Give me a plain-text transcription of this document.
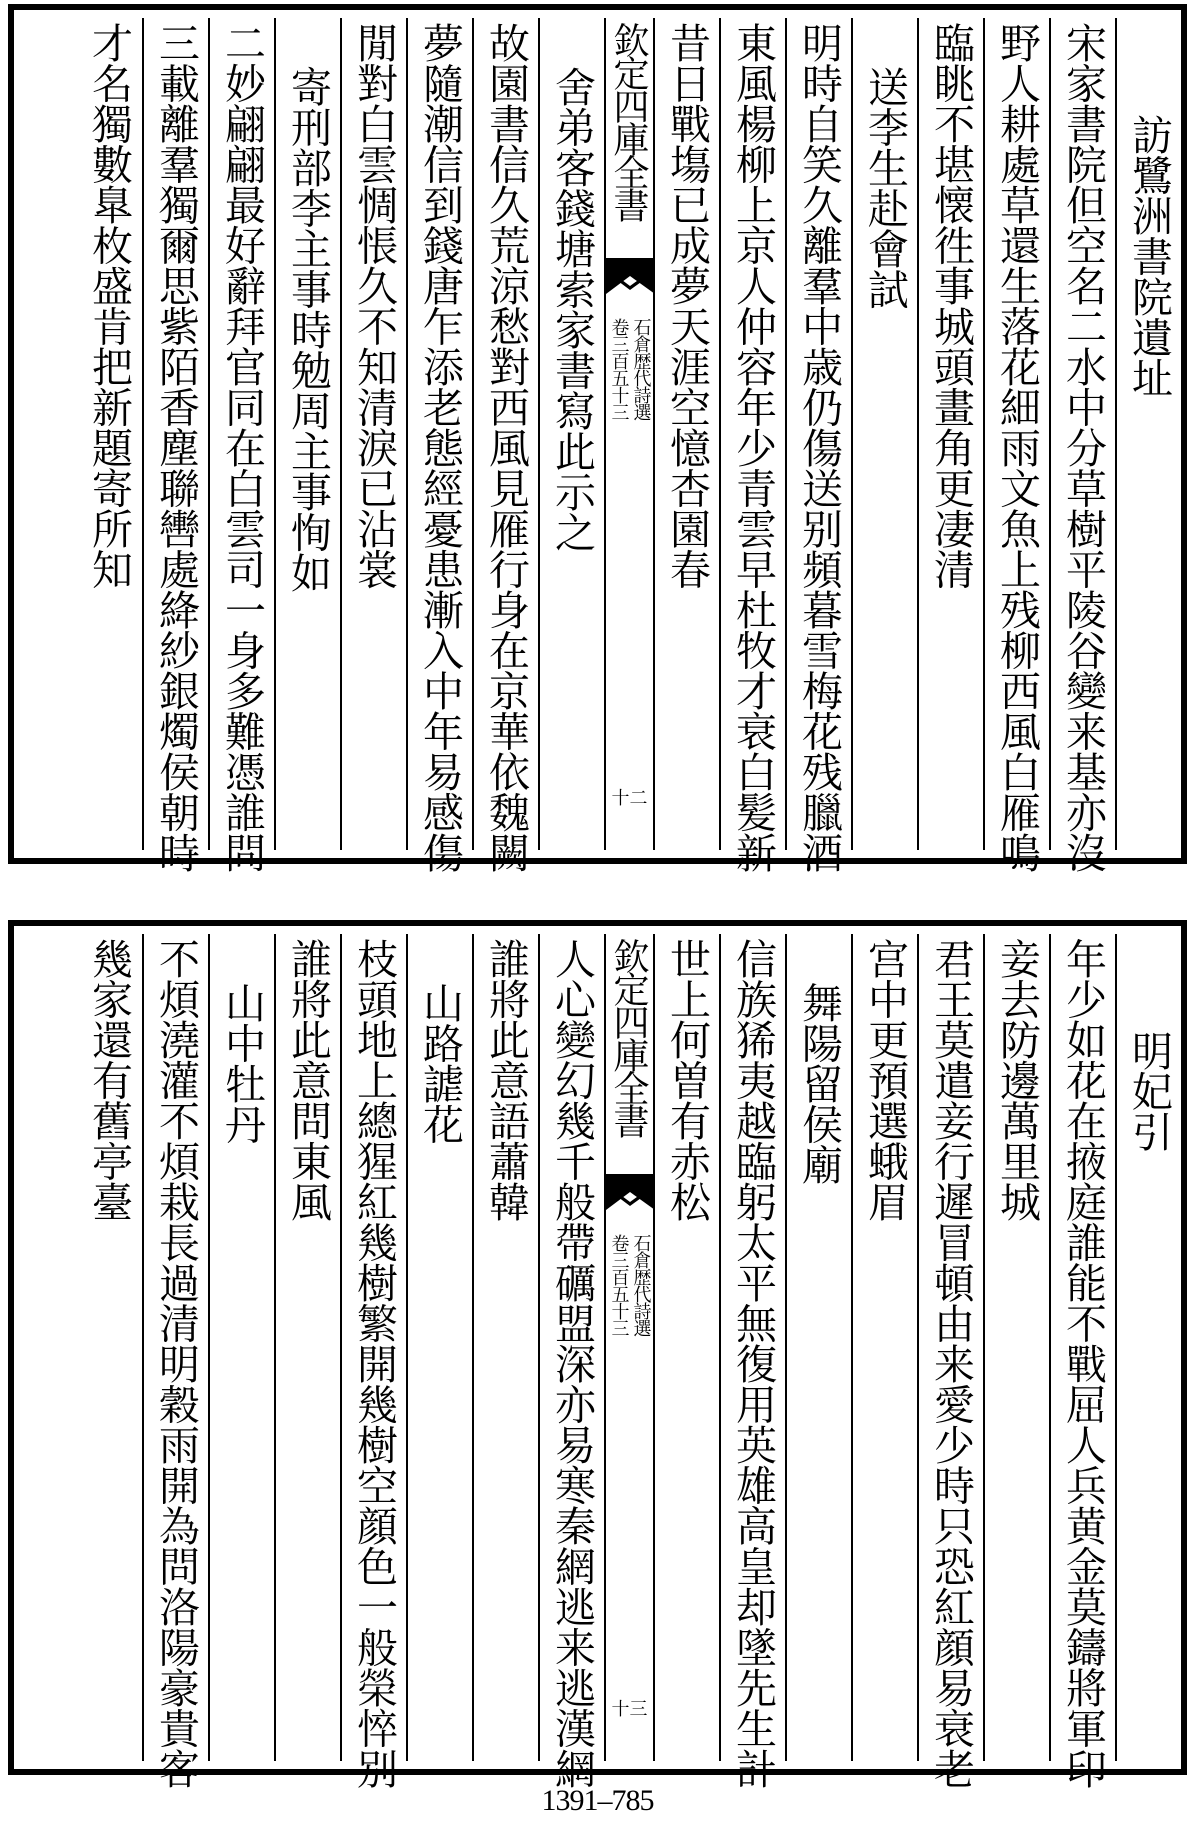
訪鷺洲書院遺址
宋家書院但空名二水中分草樹平陵谷變来基亦沒
野人耕處草還生落花細雨文魚上残柳西風白雁鳴
臨眺不堪懐徃事城頭畫角更凄清
送李生赴會試
明時自笑久離羣中歳仍傷送别頻暮雪梅花残臘酒
東風楊柳上京人仲容年少青雲早杜牧才衰白髪新
昔日戰塲已成夢天涯空憶杏園春
欽定四庫全書
石倉歴代詩選
卷三百五十三
十二
舍弟客錢塘索家書寫此示之
故園書信久荒涼愁對西風見雁行身在京華依魏闕
夢隨潮信到錢唐乍添老態經憂患漸入中年易感傷
閒對白雲惆悵久不知清淚已沾裳
寄刑部李主事時勉周主事恂如
二妙翩翩最好辭拜官同在白雲司一身多難憑誰問
三載離羣獨爾思紫陌香塵聯轡處絳紗銀燭侯朝時
才名獨數臯枚盛肯把新題寄所知
明妃引
年少如花在掖庭誰能不戰屈人兵黄金莫鑄將軍印
妾去防邊萬里城
君王莫遣妾行遲冒頓由来愛少時只恐紅顔易衰老
宫中更預選蛾眉
舞陽留侯廟
信族狶夷越臨躬太平無復用英雄高皇却墜先生計
世上何曽有赤松
欽定四庫全書
石倉歴代詩選
卷三百五十三
十三
人心變幻幾千般帶礪盟深亦易寒秦網逃来逃漢網
誰將此意語蕭韓
山路謔花
枝頭地上總猩紅幾樹繁開幾樹空顔色一般榮悴别
誰將此意問東風
山中牡丹
不煩澆灌不煩栽長過清明穀雨開為問洛陽豪貴客
幾家還有舊亭臺
1391–785
